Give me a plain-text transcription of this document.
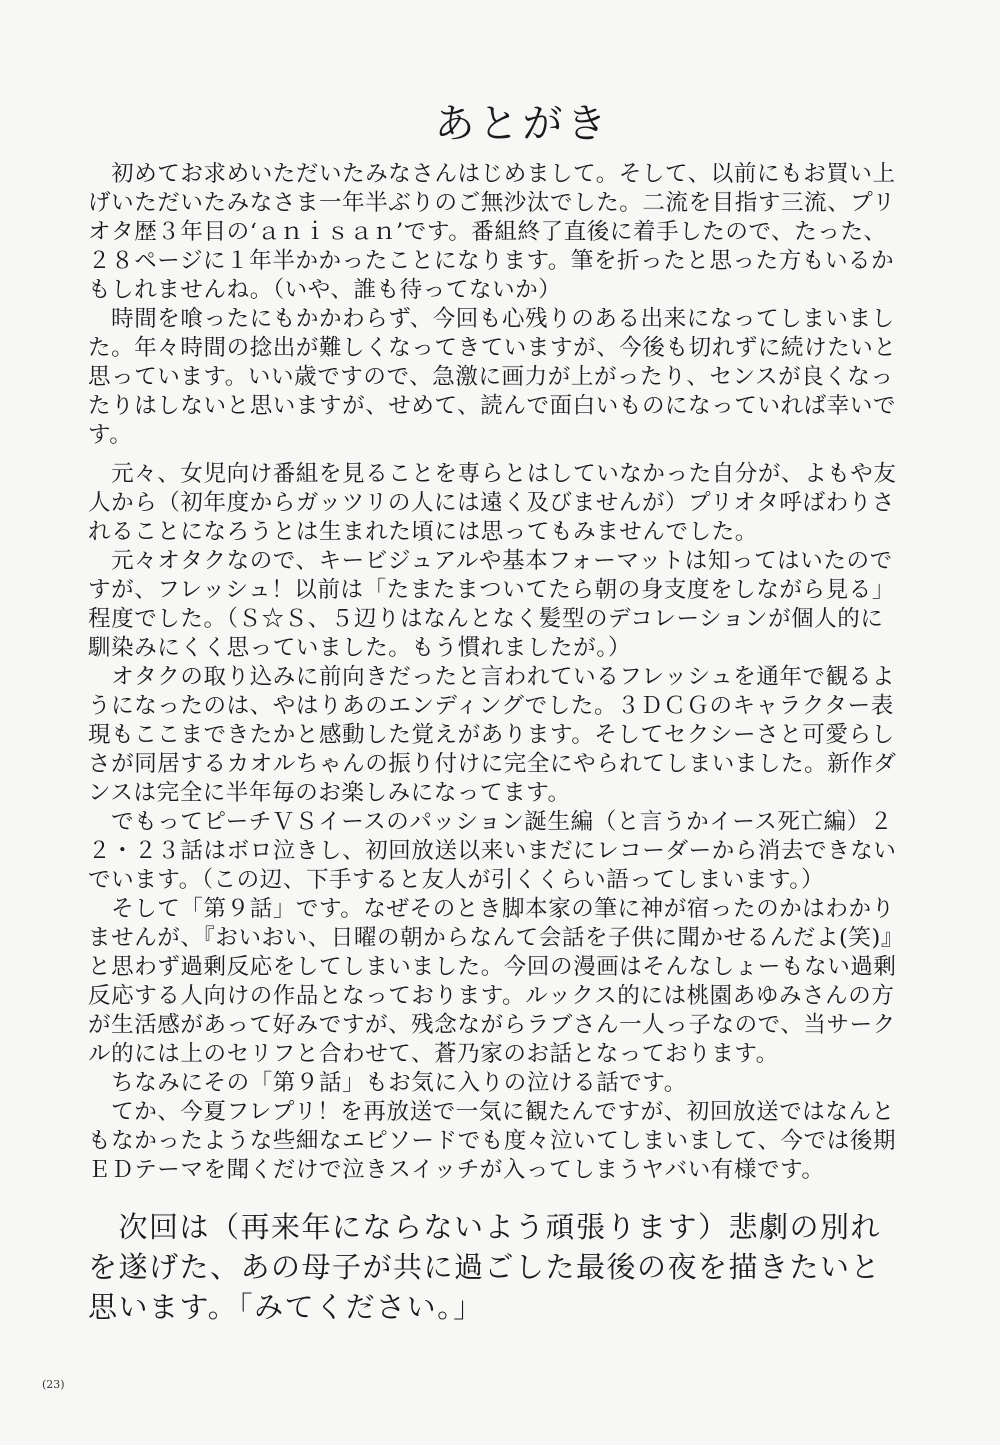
あとがき
　初めてお求めいただいたみなさんはじめまして。そして、以前にもお買い上
げいただいたみなさま一年半ぶりのご無沙汰でした。二流を目指す三流、プリ
オタ歴３年目の‘ａｎｉｓａｎ’です。番組終了直後に着手したので、たった、
２８ページに１年半かかったことになります。筆を折ったと思った方もいるか
もしれませんね。（いや、誰も待ってないか）
　時間を喰ったにもかかわらず、今回も心残りのある出来になってしまいまし
た。年々時間の捻出が難しくなってきていますが、今後も切れずに続けたいと
思っています。いい歳ですので、急激に画力が上がったり、センスが良くなっ
たりはしないと思いますが、せめて、読んで面白いものになっていれば幸いで
す。
　元々、女児向け番組を見ることを専らとはしていなかった自分が、よもや友
人から（初年度からガッツリの人には遠く及びませんが）プリオタ呼ばわりさ
れることになろうとは生まれた頃には思ってもみませんでした。
　元々オタクなので、キービジュアルや基本フォーマットは知ってはいたので
すが、フレッシュ！以前は「たまたまついてたら朝の身支度をしながら見る」
程度でした。（Ｓ☆Ｓ、５辺りはなんとなく髪型のデコレーションが個人的に
馴染みにくく思っていました。もう慣れましたが。）
　オタクの取り込みに前向きだったと言われているフレッシュを通年で観るよ
うになったのは、やはりあのエンディングでした。３ＤＣＧのキャラクター表
現もここまできたかと感動した覚えがあります。そしてセクシーさと可愛らし
さが同居するカオルちゃんの振り付けに完全にやられてしまいました。新作ダ
ンスは完全に半年毎のお楽しみになってます。
　でもってピーチＶＳイースのパッション誕生編（と言うかイース死亡編）２
２・２３話はボロ泣きし、初回放送以来いまだにレコーダーから消去できない
でいます。（この辺、下手すると友人が引くくらい語ってしまいます。）
　そして「第９話」です。なぜそのとき脚本家の筆に神が宿ったのかはわかり
ませんが、『おいおい、日曜の朝からなんて会話を子供に聞かせるんだよ(笑)』
と思わず過剰反応をしてしまいました。今回の漫画はそんなしょーもない過剰
反応する人向けの作品となっております。ルックス的には桃園あゆみさんの方
が生活感があって好みですが、残念ながらラブさん一人っ子なので、当サーク
ル的には上のセリフと合わせて、蒼乃家のお話となっております。
　ちなみにその「第９話」もお気に入りの泣ける話です。
　てか、今夏フレプリ！を再放送で一気に観たんですが、初回放送ではなんと
もなかったような些細なエピソードでも度々泣いてしまいまして、今では後期
ＥＤテーマを聞くだけで泣きスイッチが入ってしまうヤバい有様です。
　次回は（再来年にならないよう頑張ります）悲劇の別れ
を遂げた、あの母子が共に過ごした最後の夜を描きたいと
思います。「みてください。」
(23)
